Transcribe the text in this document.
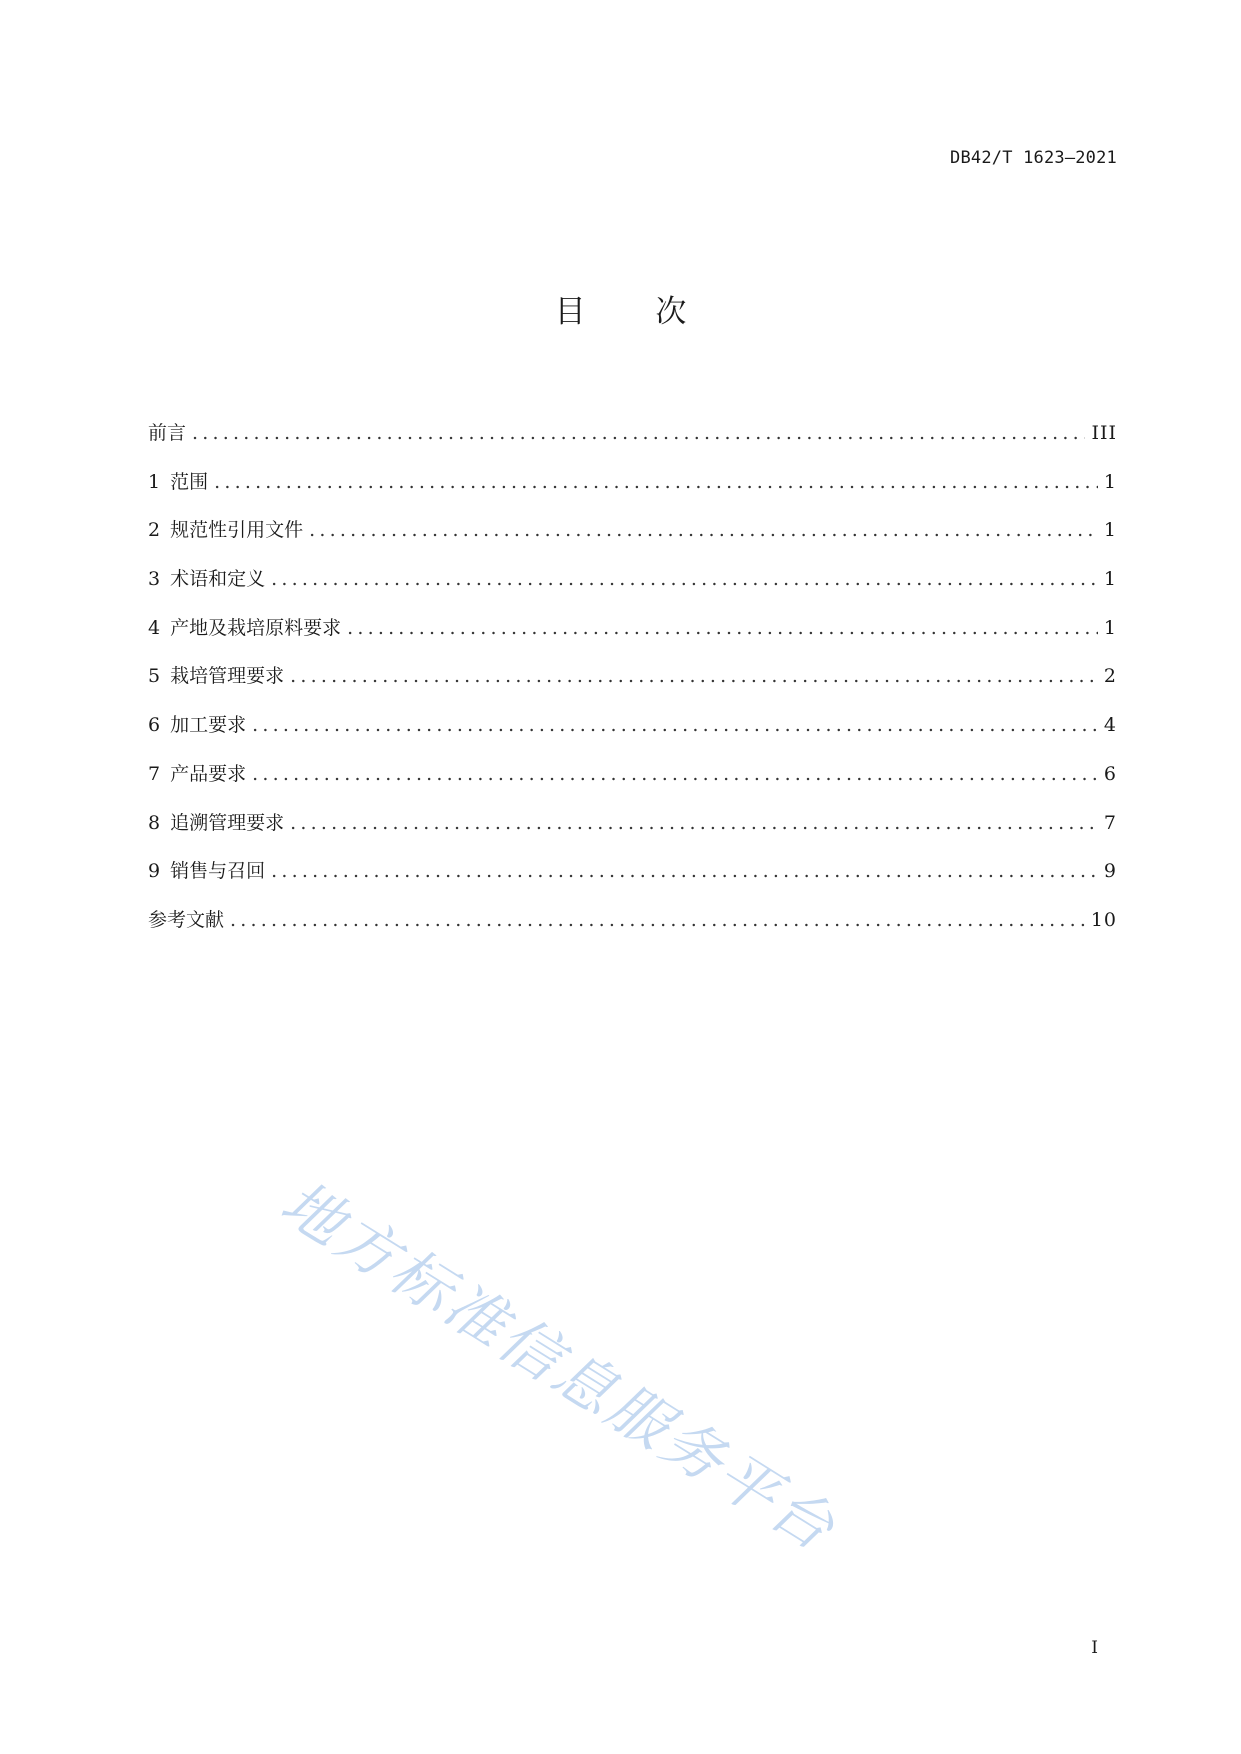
DB42/T 1623—2021
目 次
前言 .....	III
1 范围 .....	1
2 规范性引用文件 .....	1
3 术语和定义 .....	1
4 产地及栽培原料要求 .....	1
5 栽培管理要求 .....	2
6 加工要求 .....	4
7 产品要求 .....	6
8 追溯管理要求 .....	7
9 销售与召回 .....	9
参考文献 .....	10
地方标准信息服务平台
I
